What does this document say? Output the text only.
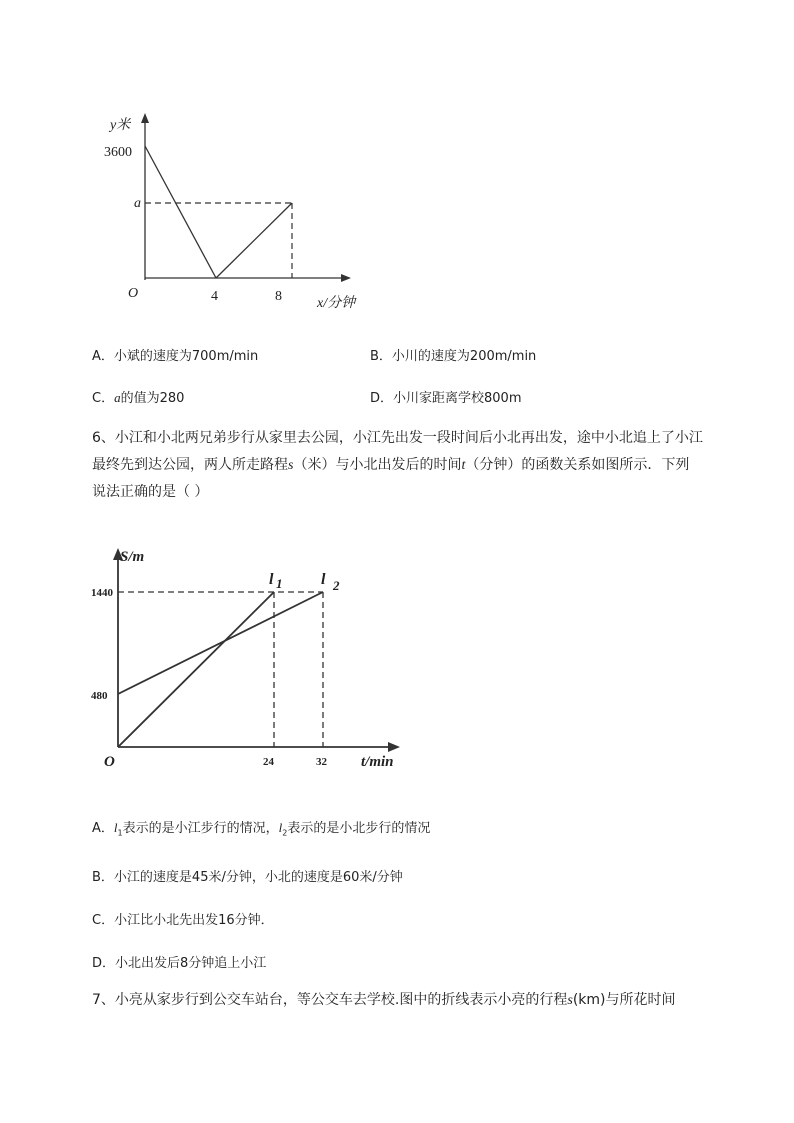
y米
3600
a
O	4	8	x/分钟
A．小斌的速度为700m/min	B．小川的速度为200m/min
C．a的值为280	D．小川家距离学校800m
6、小江和小北两兄弟步行从家里去公园，小江先出发一段时间后小北再出发，途中小北追上了小江
最终先到达公园，两人所走路程s（米）与小北出发后的时间t（分钟）的函数关系如图所示．下列
说法正确的是（ ）
S/m
1440
480
O	24	32 t/min
l 1 l 2
A．$l_1$表示的是小江步行的情况，$l_2$表示的是小北步行的情况
B．小江的速度是45米/分钟，小北的速度是60米/分钟
C．小江比小北先出发16分钟．
D．小北出发后8分钟追上小江
7、小亮从家步行到公交车站台，等公交车去学校.图中的折线表示小亮的行程s(km)与所花时间
